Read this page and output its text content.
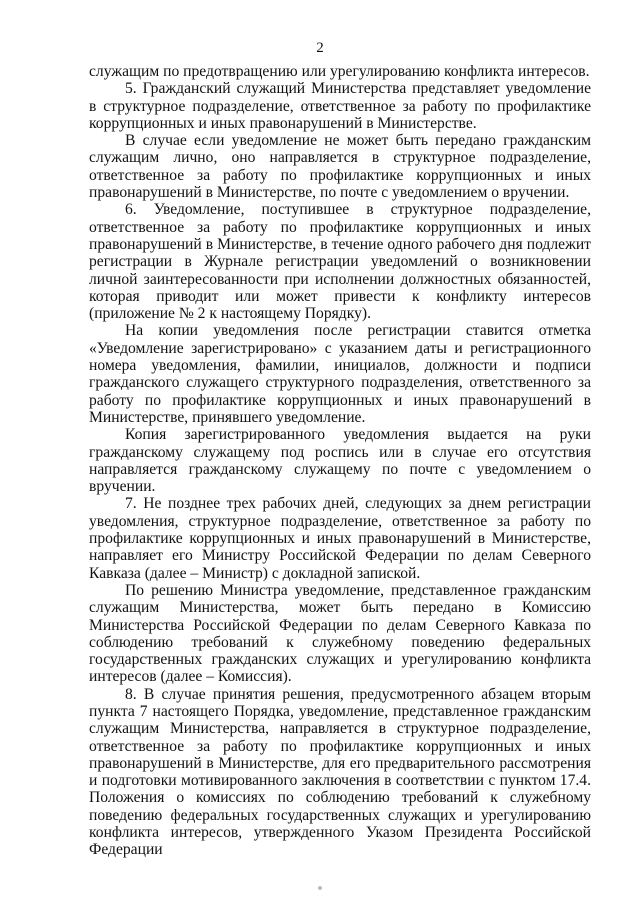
2

служащим по предотвращению или урегулированию конфликта интересов.

5. Гражданский служащий Министерства представляет уведомление в структурное подразделение, ответственное за работу по профилактике коррупционных и иных правонарушений в Министерстве.

В случае если уведомление не может быть передано гражданским служащим лично, оно направляется в структурное подразделение, ответственное за работу по профилактике коррупционных и иных правонарушений в Министерстве, по почте с уведомлением о вручении.

6. Уведомление, поступившее в структурное подразделение, ответственное за работу по профилактике коррупционных и иных правонарушений в Министерстве, в течение одного рабочего дня подлежит регистрации в Журнале регистрации уведомлений о возникновении личной заинтересованности при исполнении должностных обязанностей, которая приводит или может привести к конфликту интересов (приложение № 2 к настоящему Порядку).

На копии уведомления после регистрации ставится отметка «Уведомление зарегистрировано» с указанием даты и регистрационного номера уведомления, фамилии, инициалов, должности и подписи гражданского служащего структурного подразделения, ответственного за работу по профилактике коррупционных и иных правонарушений в Министерстве, принявшего уведомление.

Копия зарегистрированного уведомления выдается на руки гражданскому служащему под роспись или в случае его отсутствия направляется гражданскому служащему по почте с уведомлением о вручении.

7. Не позднее трех рабочих дней, следующих за днем регистрации уведомления, структурное подразделение, ответственное за работу по профилактике коррупционных и иных правонарушений в Министерстве, направляет его Министру Российской Федерации по делам Северного Кавказа (далее – Министр) с докладной запиской.

По решению Министра уведомление, представленное гражданским служащим Министерства, может быть передано в Комиссию Министерства Российской Федерации по делам Северного Кавказа по соблюдению требований к служебному поведению федеральных государственных гражданских служащих и урегулированию конфликта интересов (далее – Комиссия).

8. В случае принятия решения, предусмотренного абзацем вторым пункта 7 настоящего Порядка, уведомление, представленное гражданским служащим Министерства, направляется в структурное подразделение, ответственное за работу по профилактике коррупционных и иных правонарушений в Министерстве, для его предварительного рассмотрения и подготовки мотивированного заключения в соответствии с пунктом 17.4. Положения о комиссиях по соблюдению требований к служебному поведению федеральных государственных служащих и урегулированию конфликта интересов, утвержденного Указом Президента Российской Федерации
